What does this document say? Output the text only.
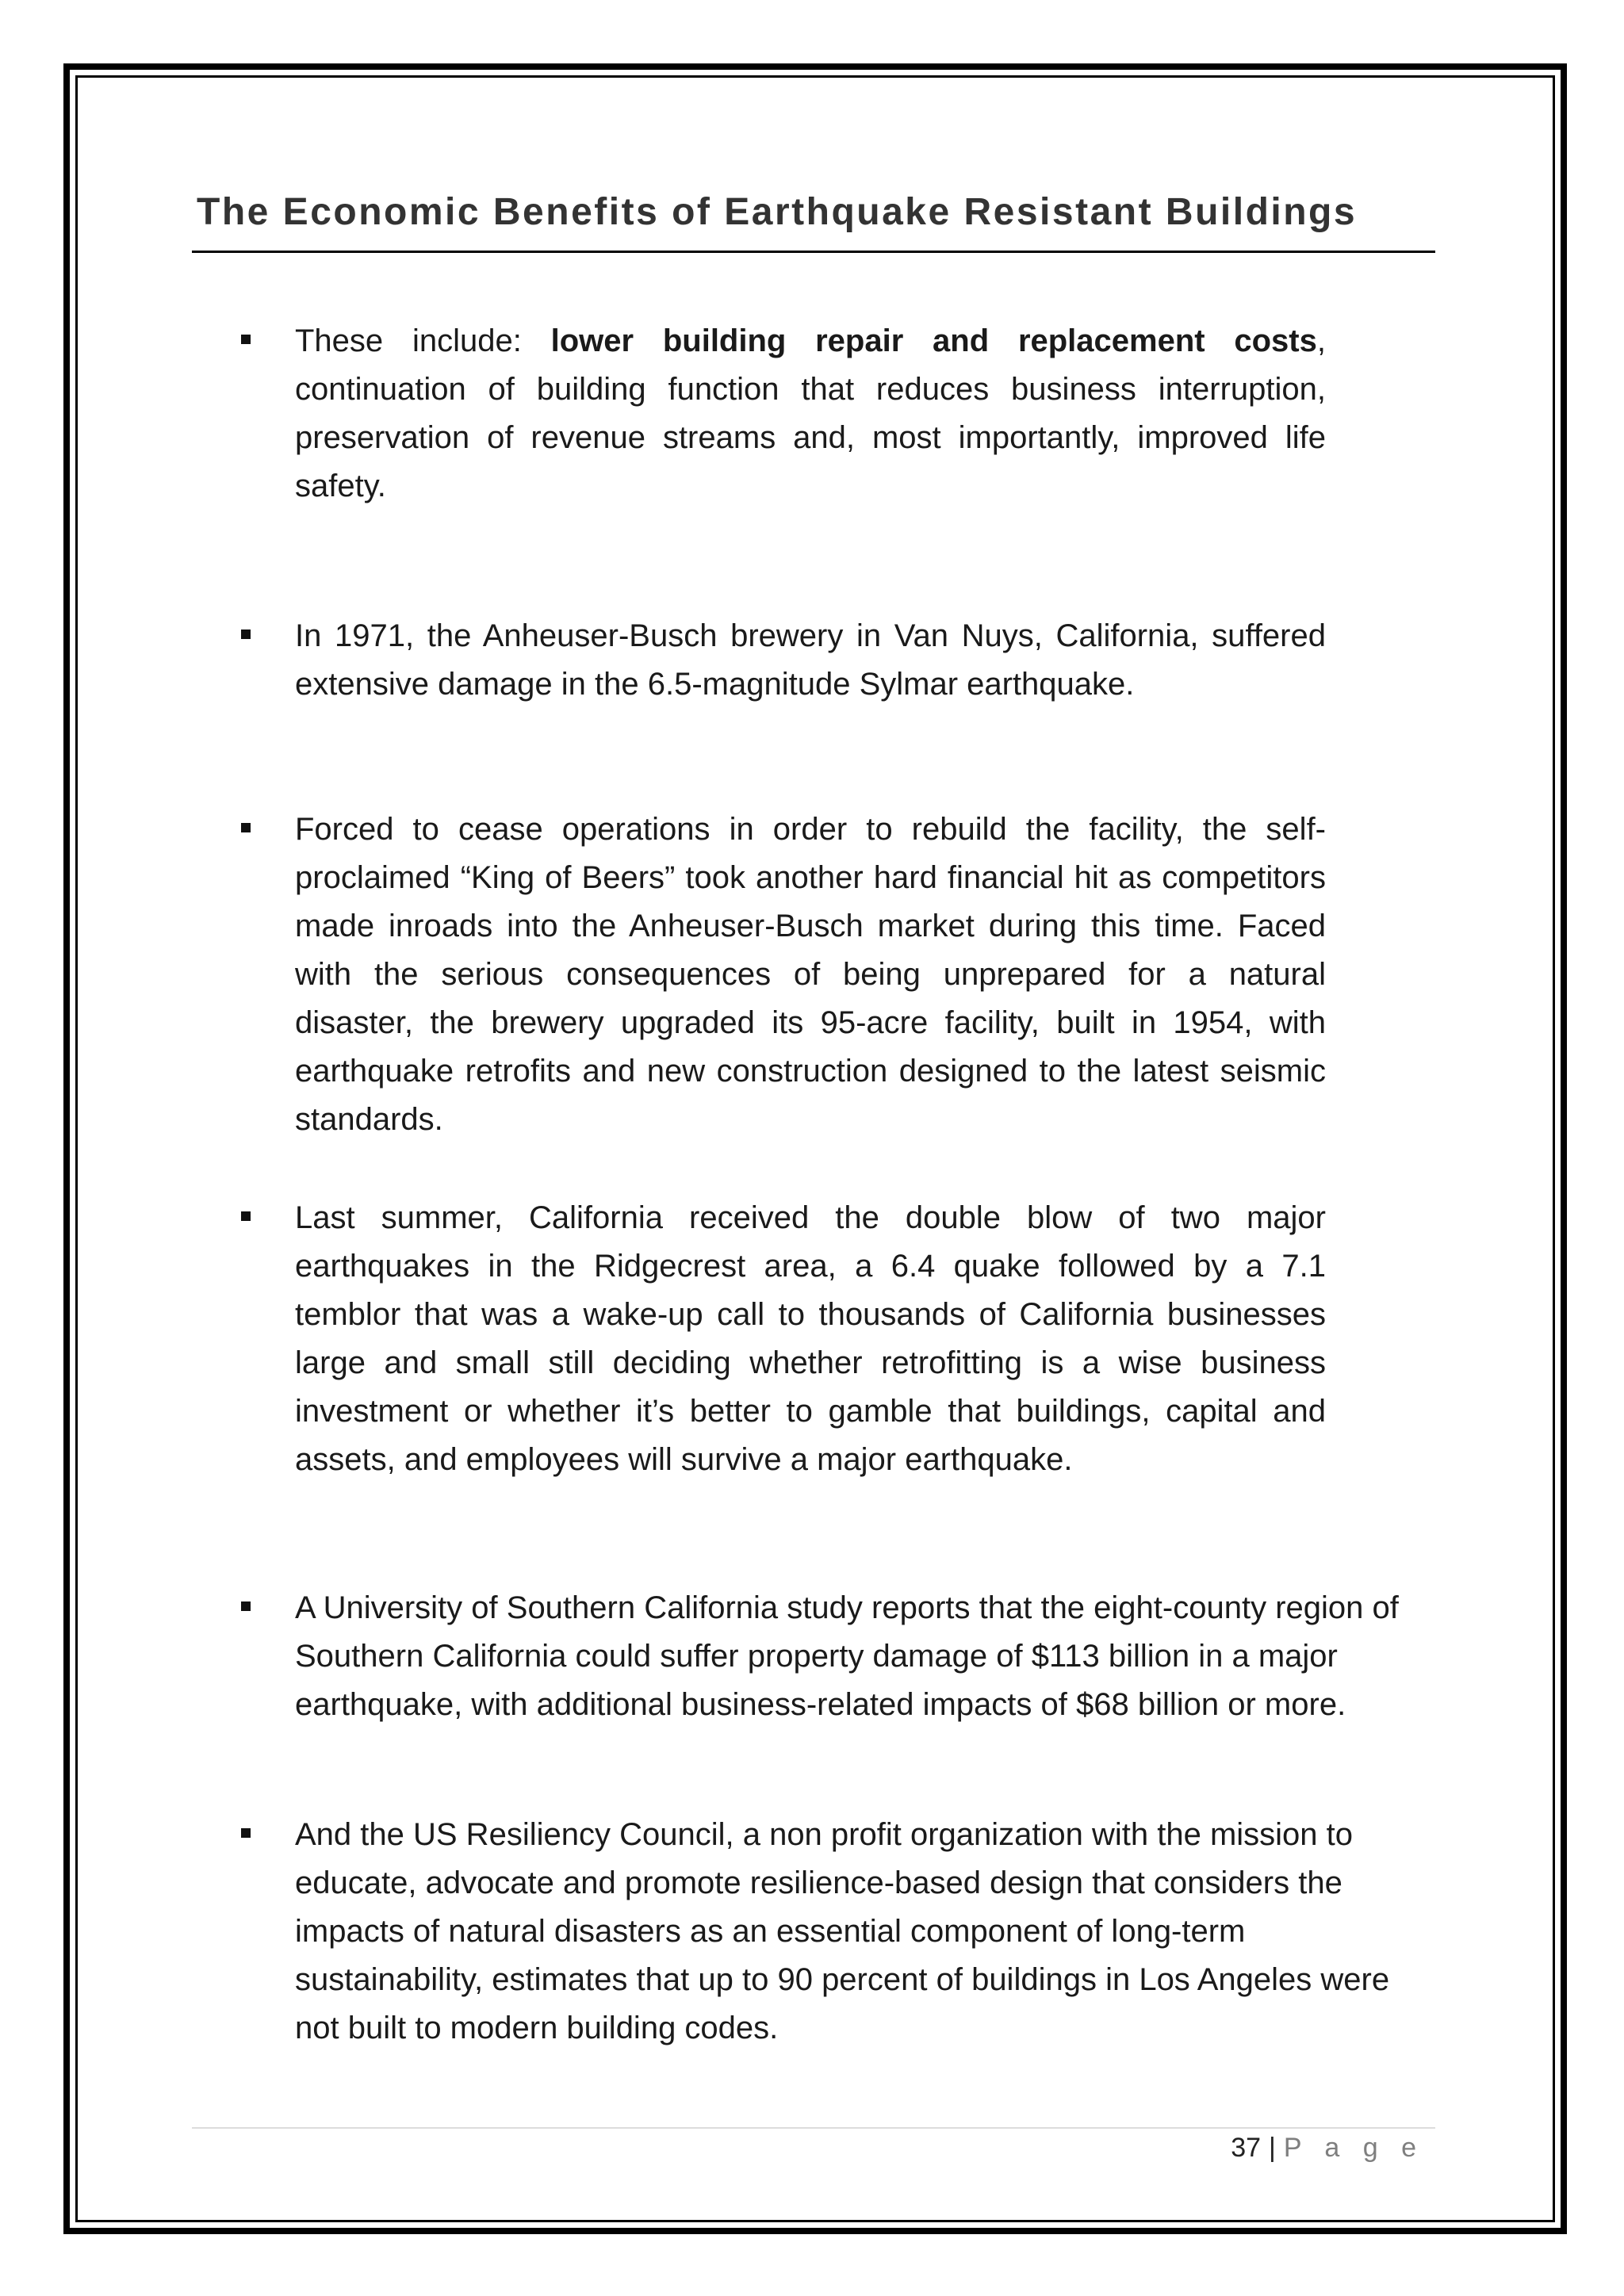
The Economic Benefits of Earthquake Resistant Buildings

These include: lower building repair and replacement costs, continuation of building function that reduces business interruption, preservation of revenue streams and, most importantly, improved life safety.

In 1971, the Anheuser-Busch brewery in Van Nuys, California, suffered extensive damage in the 6.5-magnitude Sylmar earthquake.

Forced to cease operations in order to rebuild the facility, the self-proclaimed “King of Beers” took another hard financial hit as competitors made inroads into the Anheuser-Busch market during this time. Faced with the serious consequences of being unprepared for a natural disaster, the brewery upgraded its 95-acre facility, built in 1954, with earthquake retrofits and new construction designed to the latest seismic standards.

Last summer, California received the double blow of two major earthquakes in the Ridgecrest area, a 6.4 quake followed by a 7.1 temblor that was a wake-up call to thousands of California businesses large and small still deciding whether retrofitting is a wise business investment or whether it’s better to gamble that buildings, capital and assets, and employees will survive a major earthquake.

A University of Southern California study reports that the eight-county region of Southern California could suffer property damage of $113 billion in a major earthquake, with additional business-related impacts of $68 billion or more.

And the US Resiliency Council, a non profit organization with the mission to educate, advocate and promote resilience-based design that considers the impacts of natural disasters as an essential component of long-term sustainability, estimates that up to 90 percent of buildings in Los Angeles were not built to modern building codes.

37 | P a g e
